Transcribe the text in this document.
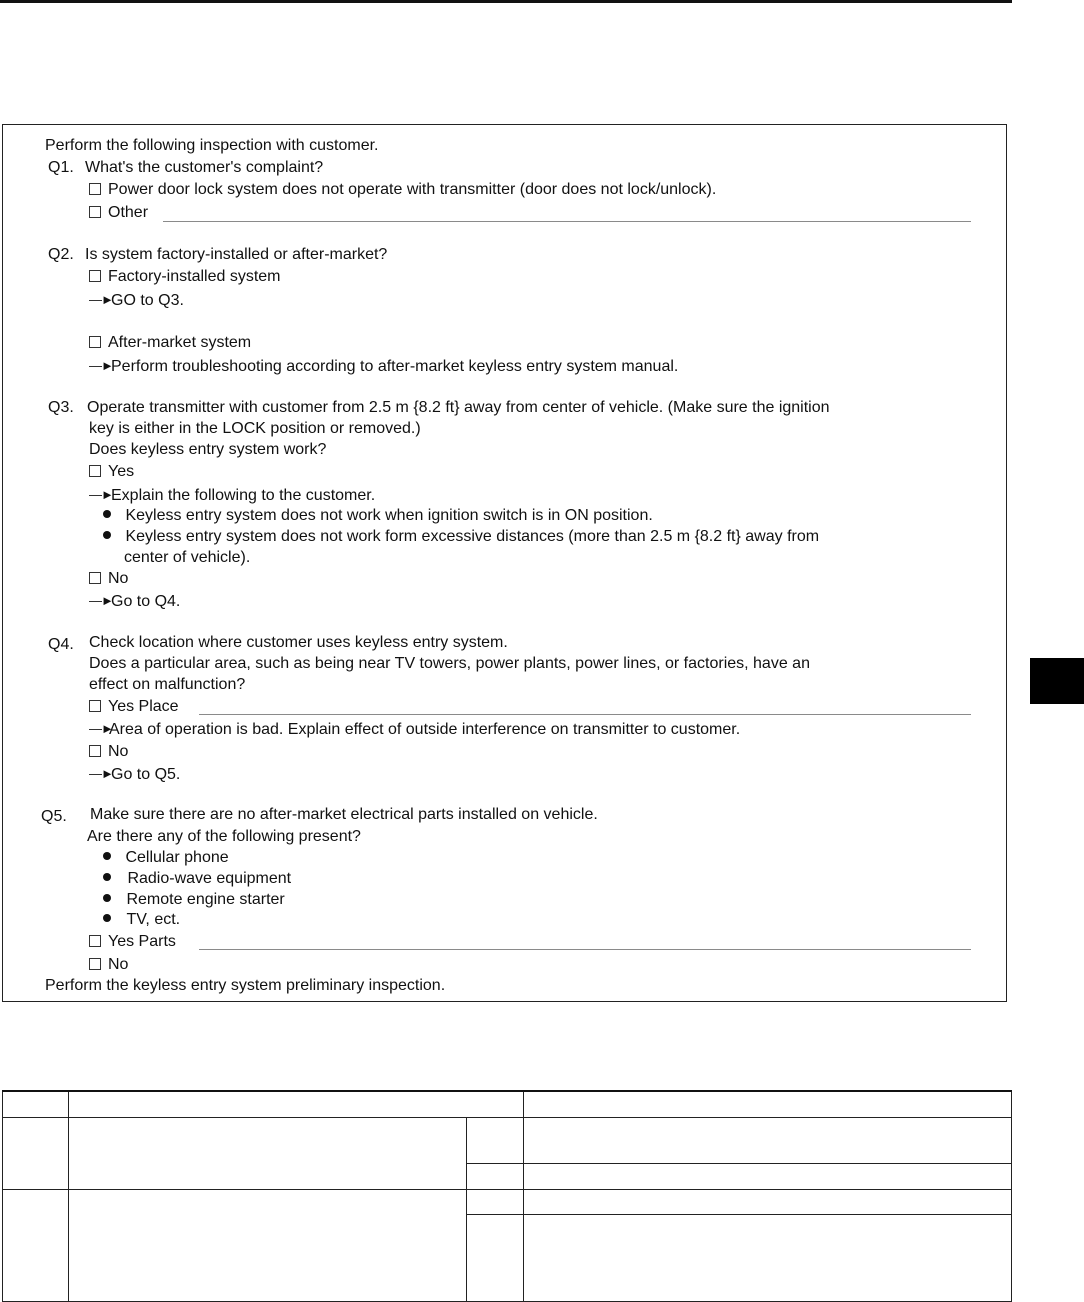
Perform the following inspection with customer.
Q1. What's the customer's complaint?
Power door lock system does not operate with transmitter (door does not lock/unlock).
Other
Q2. Is system factory-installed or after-market?
Factory-installed system
—►GO to Q3.
After-market system
—►Perform troubleshooting according to after-market keyless entry system manual.
Q3. Operate transmitter with customer from 2.5 m {8.2 ft} away from center of vehicle. (Make sure the ignition
key is either in the LOCK position or removed.)
Does keyless entry system work?
Yes
—►Explain the following to the customer.
Keyless entry system does not work when ignition switch is in ON position.
Keyless entry system does not work form excessive distances (more than 2.5 m {8.2 ft} away from
center of vehicle).
No
—►Go to Q4.
Q4. Check location where customer uses keyless entry system.
Does a particular area, such as being near TV towers, power plants, power lines, or factories, have an
effect on malfunction?
Yes Place
—►Area of operation is bad. Explain effect of outside interference on transmitter to customer.
No
—►Go to Q5.
Q5. Make sure there are no after-market electrical parts installed on vehicle.
Are there any of the following present?
Cellular phone
Radio-wave equipment
Remote engine starter
TV, ect.
Yes Parts
No
Perform the keyless entry system preliminary inspection.
